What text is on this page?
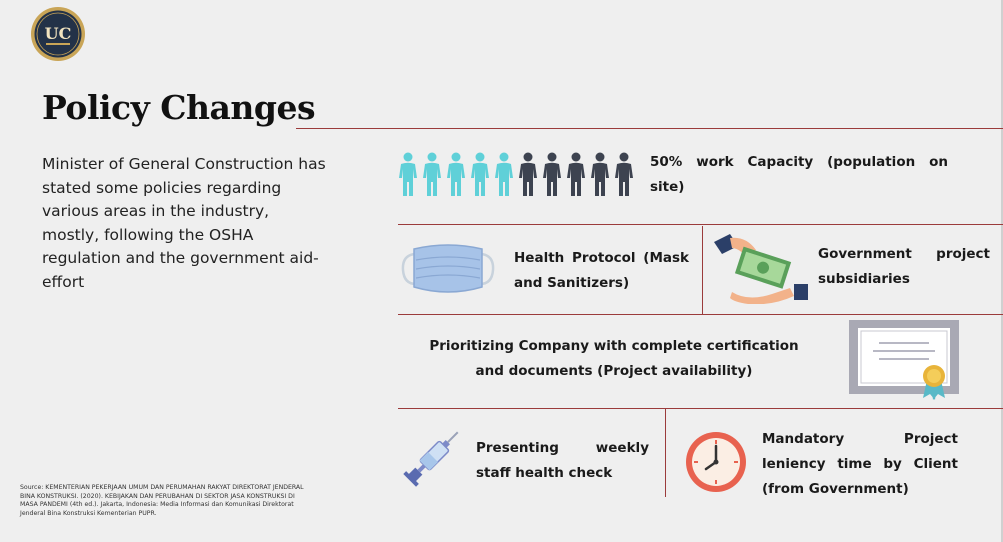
UC
Policy Changes
Minister of General Construction has stated some policies regarding various areas in the industry, mostly, following the OSHA regulation and the government aid-effort
Source: KEMENTERIAN PEKERJAAN UMUM DAN PERUMAHAN RAKYAT DIREKTORAT JENDERAL BINA KONSTRUKSI. (2020). KEBIJAKAN DAN PERUBAHAN DI SEKTOR JASA KONSTRUKSI DI MASA PANDEMI (4th ed.). Jakarta, Indonesia: Media Informasi dan Komunikasi Direktorat Jenderal Bina Konstruksi Kementerian PUPR.
50% work Capacity (population on site)
Health Protocol (Mask and Sanitizers)
Government project subsidiaries
Prioritizing Company with complete certification and documents (Project availability)
Presenting weekly staff health check
Mandatory Project leniency time by Client (from Government)
